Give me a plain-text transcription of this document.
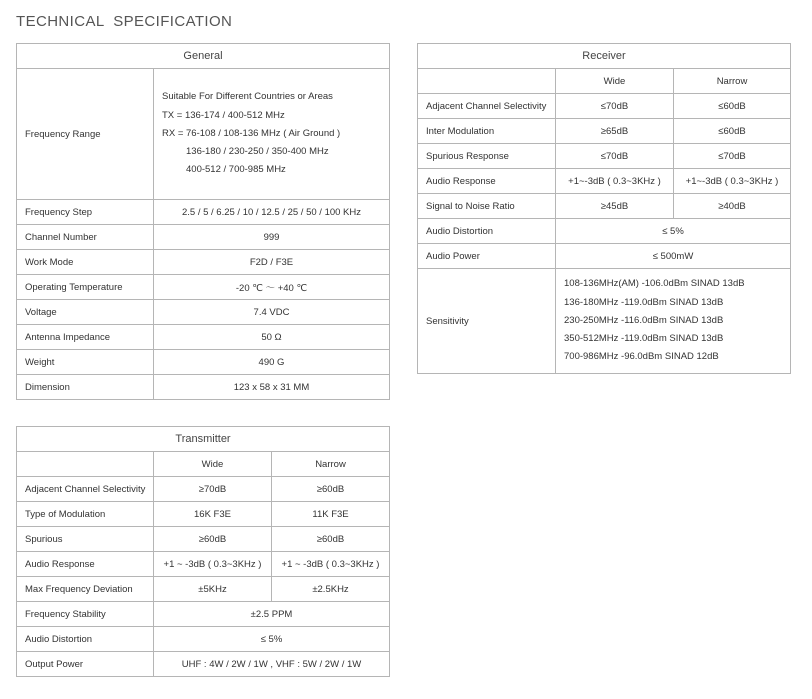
TECHNICAL  SPECIFICATION
General	
Frequency Range	Suitable For Different Countries or Areas
TX = 136-174 / 400-512 MHz
RX = 76-108 / 108-136 MHz ( Air Ground )
136-180 / 230-250 / 350-400 MHz
400-512 / 700-985 MHz

Frequency Step	2.5 / 5 / 6.25 / 10 / 12.5 / 25 / 50 / 100 KHz
Channel Number	999
Work Mode	F2D / F3E
Operating Temperature	-20 ℃ ～ +40 ℃
Voltage	7.4 VDC
Antenna Impedance	50 Ω
Weight	490 G
Dimension	123 x 58 x 31 MM
Receiver		
	Wide	Narrow
Adjacent Channel Selectivity	≤70dB	≤60dB
Inter Modulation	≥65dB	≤60dB
Spurious Response	≤70dB	≤70dB
Audio Response	+1~-3dB ( 0.3~3KHz )	+1~-3dB ( 0.3~3KHz )
Signal to Noise Ratio	≥45dB	≥40dB
Audio Distortion	≤ 5%	
Audio Power	≤ 500mW	
Sensitivity	108-136MHz(AM) -106.0dBm SINAD 13dB
136-180MHz -119.0dBm SINAD 13dB
230-250MHz -116.0dBm SINAD 13dB
350-512MHz -119.0dBm SINAD 13dB
700-986MHz -96.0dBm SINAD 12dB	
Transmitter		
	Wide	Narrow
Adjacent Channel Selectivity	≥70dB	≥60dB
Type of Modulation	16K F3E	11K F3E
Spurious	≥60dB	≥60dB
Audio Response	+1 ~ -3dB ( 0.3~3KHz )	+1 ~ -3dB ( 0.3~3KHz )
Max Frequency Deviation	±5KHz	±2.5KHz
Frequency Stability	±2.5 PPM	
Audio Distortion	≤ 5%	
Output Power	UHF : 4W / 2W / 1W , VHF : 5W / 2W / 1W	
